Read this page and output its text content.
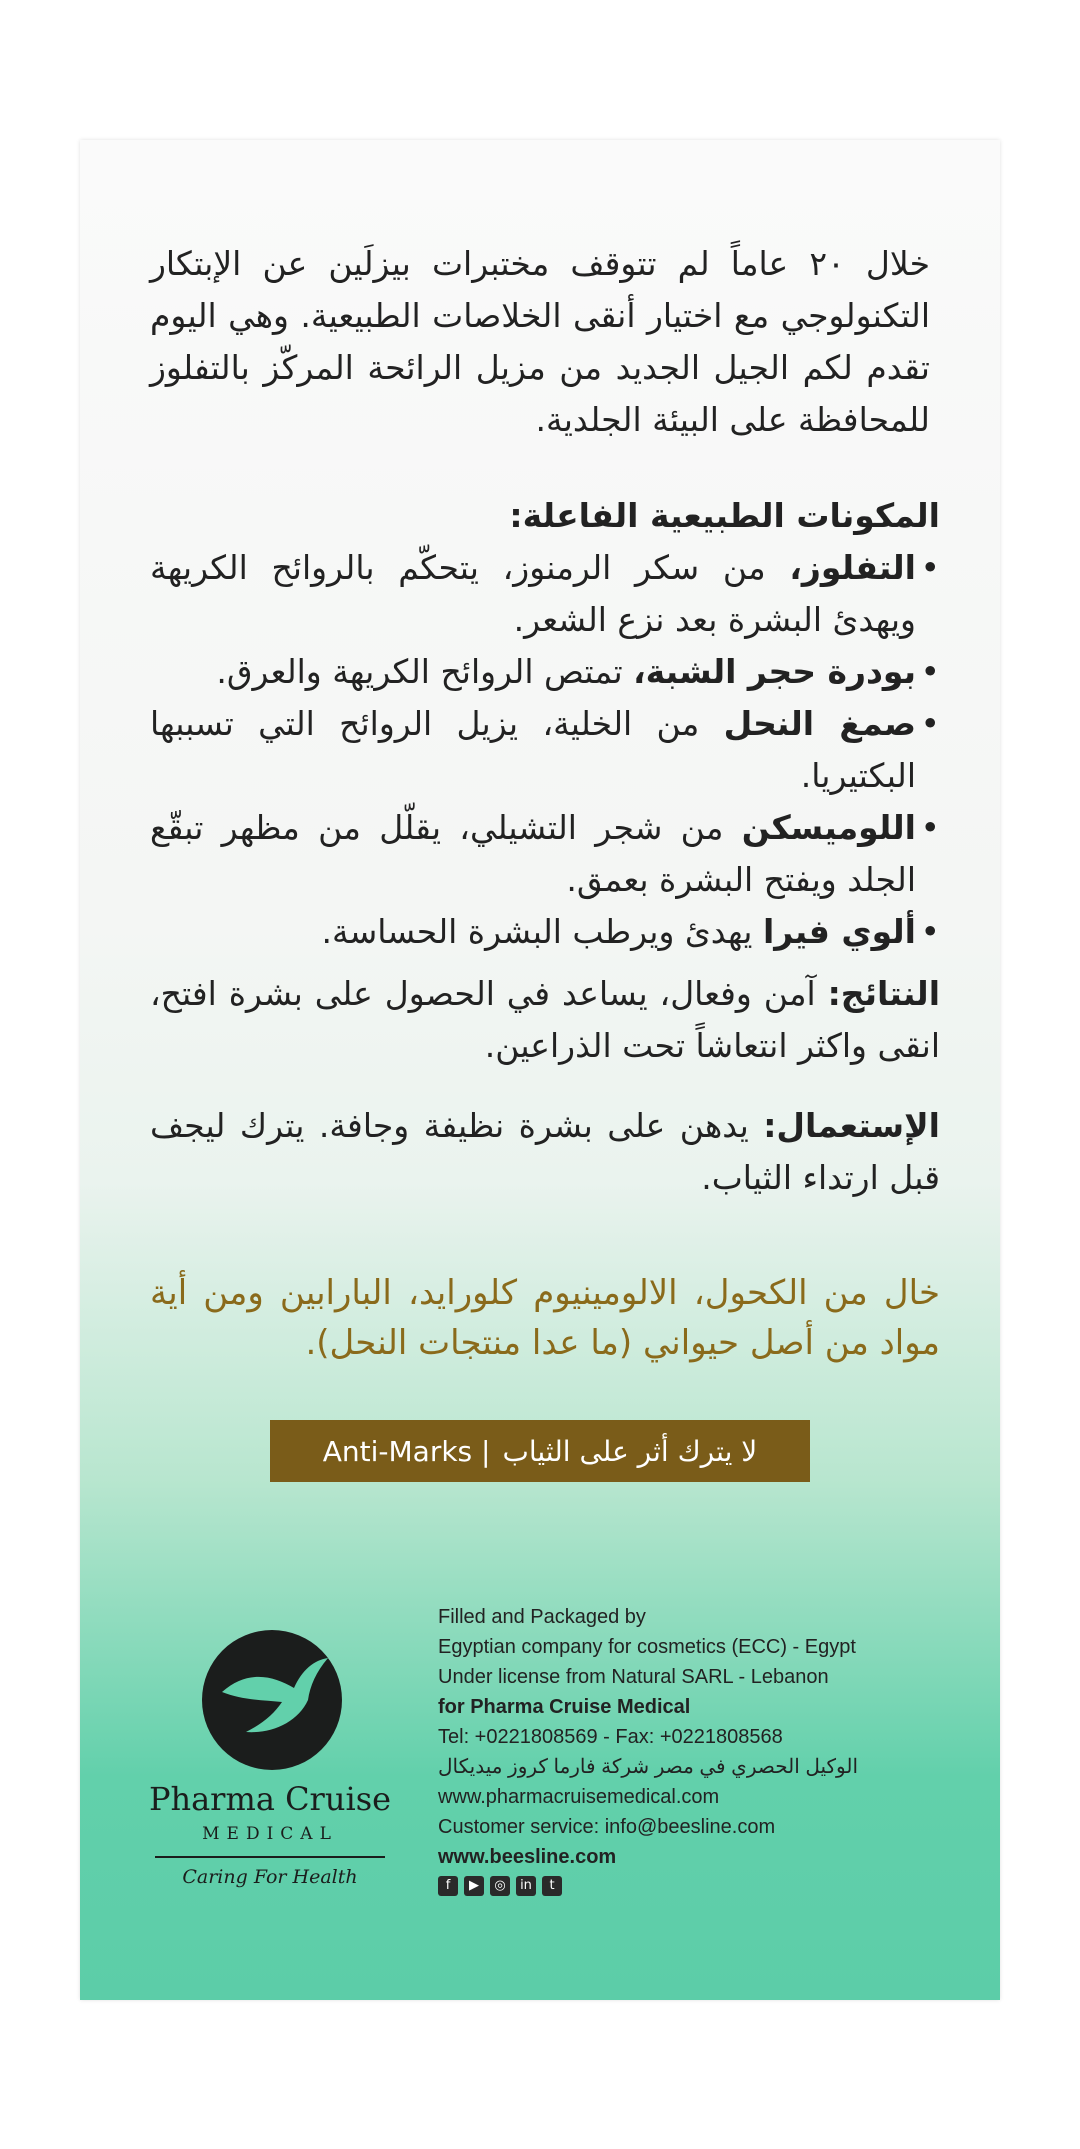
خلال ٢٠ عاماً لم تتوقف مختبرات بيزلَين عن الإبتكار التكنولوجي مع اختيار أنقى الخلاصات الطبيعية. وهي اليوم تقدم لكم الجيل الجديد من مزيل الرائحة المركّز بالتفلوز للمحافظة على البيئة الجلدية.
المكونات الطبيعية الفاعلة:
• التفلوز، من سكر الرمنوز، يتحكّم بالروائح الكريهة ويهدئ البشرة بعد نزع الشعر.
• بودرة حجر الشبة، تمتص الروائح الكريهة والعرق.
• صمغ النحل من الخلية، يزيل الروائح التي تسببها البكتيريا.
• اللوميسكن من شجر التشيلي، يقلّل من مظهر تبقّع الجلد ويفتح البشرة بعمق.
• ألوي فيرا يهدئ ويرطب البشرة الحساسة.
النتائج: آمن وفعال، يساعد في الحصول على بشرة افتح، انقى واكثر انتعاشاً تحت الذراعين.
الإستعمال: يدهن على بشرة نظيفة وجافة. يترك ليجف قبل ارتداء الثياب.
خال من الكحول، الالومينيوم كلورايد، البارابين ومن أية مواد من أصل حيواني (ما عدا منتجات النحل).
Anti-Marks | لا يترك أثر على الثياب
Pharma Cruise
MEDICAL
Caring For Health
Filled and Packaged by
Egyptian company for cosmetics (ECC) - Egypt
Under license from Natural SARL - Lebanon
for Pharma Cruise Medical
Tel: +0221808569 - Fax: +0221808568
الوكيل الحصري في مصر شركة فارما كروز ميديكال
www.pharmacruisemedical.com
Customer service: info@beesline.com
www.beesline.com
f	▶	◎	in	t
